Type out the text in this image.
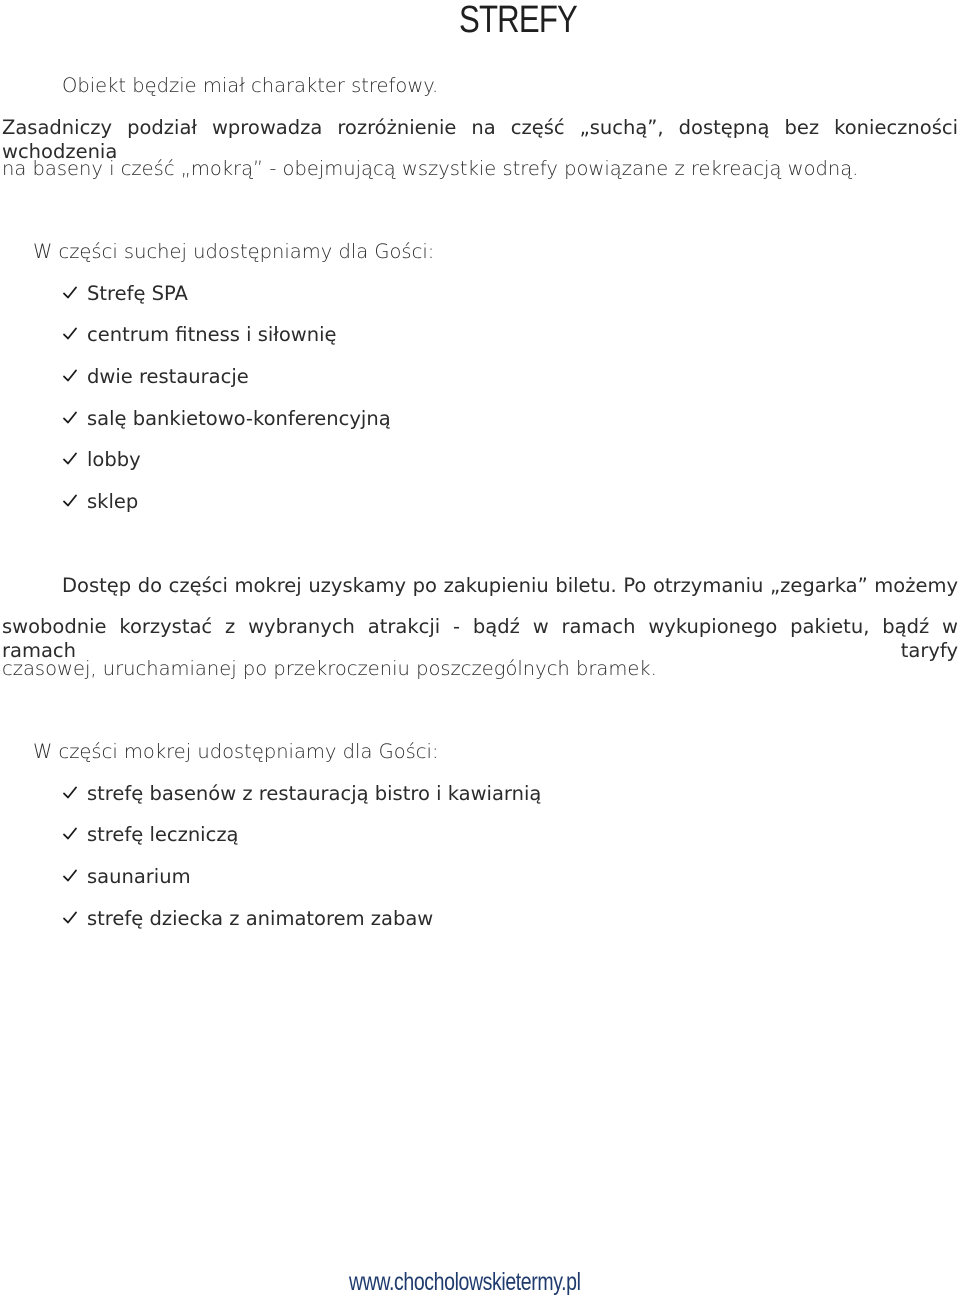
STREFY
Obiekt będzie miał charakter strefowy.
Zasadniczy podział wprowadza rozróżnienie na część „suchą”, dostępną bez konieczności wchodzenia
na baseny i cześć „mokrą” - obejmującą wszystkie strefy powiązane z rekreacją wodną.
W części suchej udostępniamy dla Gości:
Strefę SPA
centrum fitness i siłownię
dwie restauracje
salę bankietowo-konferencyjną
lobby
sklep
Dostęp do części mokrej uzyskamy po zakupieniu biletu. Po otrzymaniu „zegarka” możemy
swobodnie korzystać z wybranych atrakcji - bądź w ramach wykupionego pakietu, bądź w ramach taryfy
czasowej, uruchamianej po przekroczeniu poszczególnych bramek.
W części mokrej udostępniamy dla Gości:
strefę basenów z restauracją bistro i kawiarnią
strefę leczniczą
saunarium
strefę dziecka z animatorem zabaw
www.chocholowskietermy.pl
